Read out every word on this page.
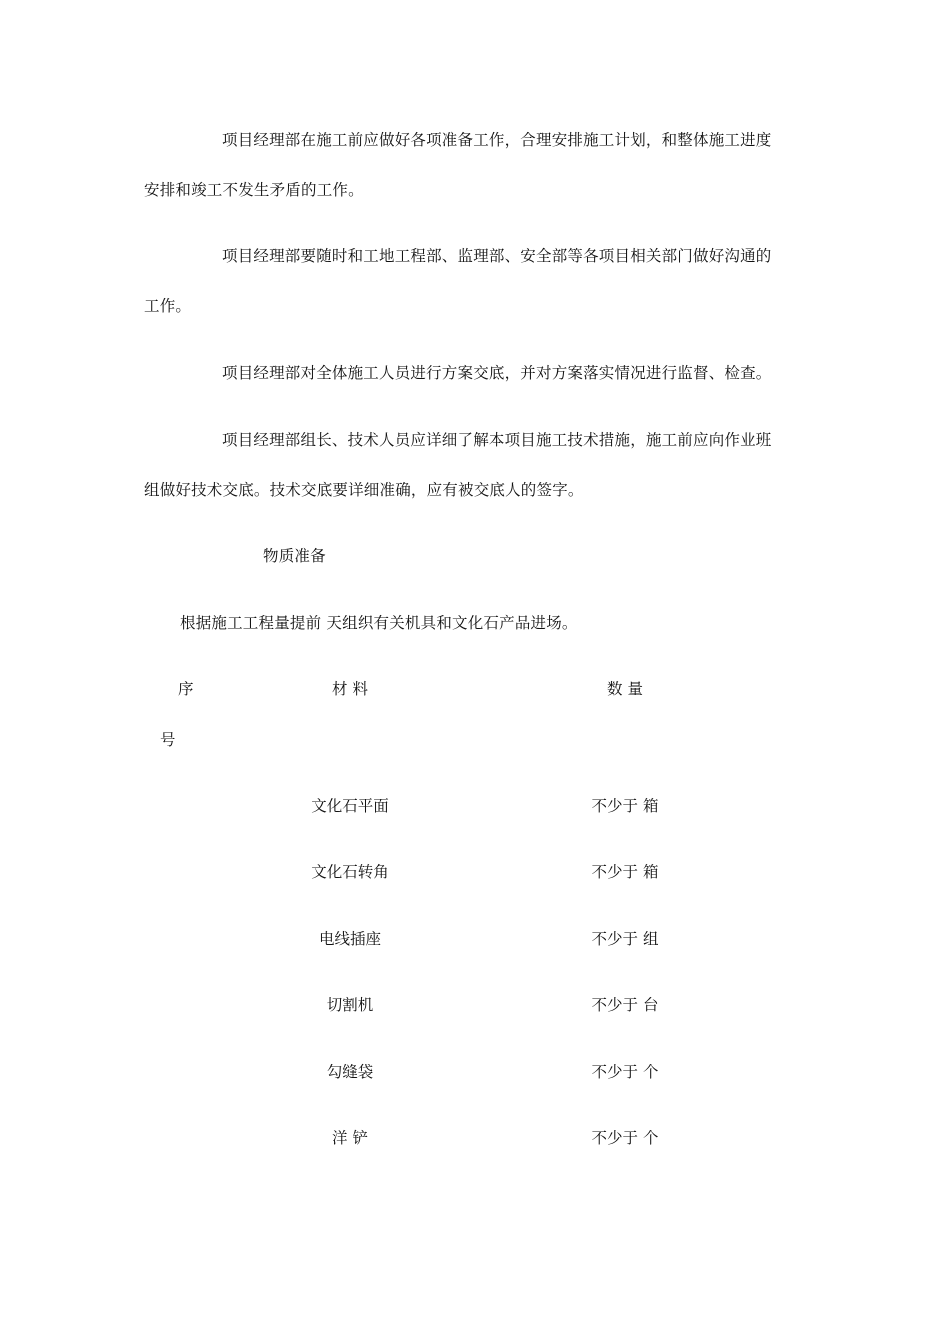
项目经理部在施工前应做好各项准备工作，合理安排施工计划，和整体施工进度
安排和竣工不发生矛盾的工作。
项目经理部要随时和工地工程部、监理部、安全部等各项目相关部门做好沟通的
工作。
项目经理部对全体施工人员进行方案交底，并对方案落实情况进行监督、检查。
项目经理部组长、技术人员应详细了解本项目施工技术措施，施工前应向作业班
组做好技术交底。技术交底要详细准确，应有被交底人的签字。
物质准备
根据施工工程量提前 天组织有关机具和文化石产品进场。
序
号
材 料	数 量
文化石平面	不少于 箱
文化石转角	不少于 箱
电线插座	不少于 组
切割机	不少于 台
勾缝袋	不少于 个
洋 铲	不少于 个
